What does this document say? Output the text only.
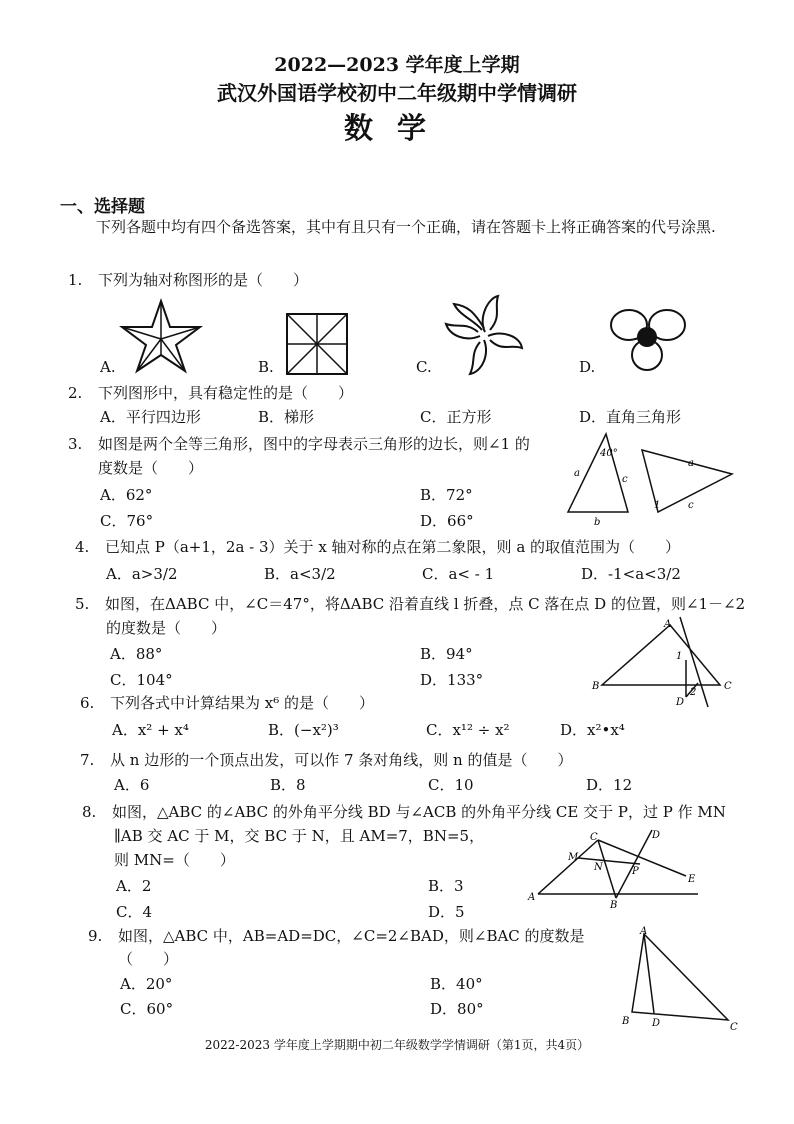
2022—2023 学年度上学期
武汉外国语学校初中二年级期中学情调研
数学
一、选择题
下列各题中均有四个备选答案，其中有且只有一个正确，请在答题卡上将正确答案的代号涂黑.
1. 下列为轴对称图形的是（　　）
A.	B.	C.	D.
2. 下列图形中，具有稳定性的是（　　）
A．平行四边形	B．梯形	C．正方形	D．直角三角形
3. 如图是两个全等三角形，图中的字母表示三角形的边长，则∠1 的
度数是（　　）
A．62°	B．72°
C．76°	D．66°
40°
a
c
b
a
c
1
4. 已知点 P（a+1，2a - 3）关于 x 轴对称的点在第二象限，则 a 的取值范围为（　　）
A．a>3/2	B．a<3/2	C．a< - 1	D．-1<a<3/2
5. 如图，在ΔABC 中，∠C＝47°，将ΔABC 沿着直线 l 折叠，点 C 落在点 D 的位置，则∠1－∠2
的度数是（　　）
A．88°	B．94°
C．104°	D．133°
A
B	C
D
1
2
6. 下列各式中计算结果为 x⁶ 的是（　　）
A．x² + x⁴	B．(−x²)³	C．x¹² ÷ x²	D．x²•x⁴
7. 从 n 边形的一个顶点出发，可以作 7 条对角线，则 n 的值是（　　）
A．6	B．8	C．10	D．12
8. 如图，△ABC 的∠ABC 的外角平分线 BD 与∠ACB 的外角平分线 CE 交于 P，过 P 作 MN
∥AB 交 AC 于 M，交 BC 于 N，且 AM=7，BN=5，
则 MN=（　　）
A．2	B．3
C．4	D．5
A
B
C	D
E
M
N	P
9. 如图，△ABC 中，AB=AD=DC，∠C=2∠BAD，则∠BAC 的度数是
（　　）
A．20°	B．40°
C．60°	D．80°
A
B D	C
2022-2023 学年度上学期期中初二年级数学学情调研（第1页，共4页）
